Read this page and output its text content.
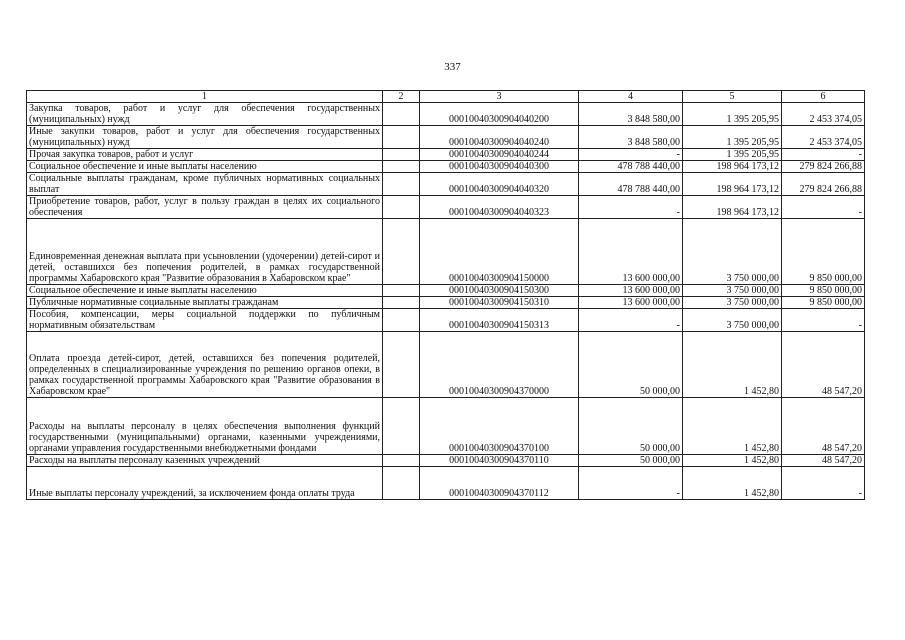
337
1	2	3	4	5	6
Закупка товаров, работ и услуг для обеспечения государственных (муниципальных) нужд		00010040300904040200	3 848 580,00	1 395 205,95	2 453 374,05
Иные закупки товаров, работ и услуг для обеспечения государственных (муниципальных) нужд		00010040300904040240	3 848 580,00	1 395 205,95	2 453 374,05
Прочая закупка товаров, работ и услуг		00010040300904040244	-	1 395 205,95	-
Социальное обеспечение и иные выплаты населению		00010040300904040300	478 788 440,00	198 964 173,12	279 824 266,88
Социальные выплаты гражданам, кроме публичных нормативных социальных выплат		00010040300904040320	478 788 440,00	198 964 173,12	279 824 266,88
Приобретение товаров, работ, услуг в пользу граждан в целях их социального обеспечения		00010040300904040323	-	198 964 173,12	-
Единовременная денежная выплата при усыновлении (удочерении) детей-сирот и детей, оставшихся без попечения родителей, в рамках государственной программы Хабаровского края "Развитие образования в Хабаровском крае"		00010040300904150000	13 600 000,00	3 750 000,00	9 850 000,00
Социальное обеспечение и иные выплаты населению		00010040300904150300	13 600 000,00	3 750 000,00	9 850 000,00
Публичные нормативные социальные выплаты гражданам		00010040300904150310	13 600 000,00	3 750 000,00	9 850 000,00
Пособия, компенсации, меры социальной поддержки по публичным нормативным обязательствам		00010040300904150313	-	3 750 000,00	-
Оплата проезда детей-сирот, детей, оставшихся без попечения родителей, определенных в специализированные учреждения по решению органов опеки, в рамках государственной программы Хабаровского края "Развитие образования в Хабаровском крае"		00010040300904370000	50 000,00	1 452,80	48 547,20
Расходы на выплаты персоналу в целях обеспечения выполнения функций государственными (муниципальными) органами, казенными учреждениями, органами управления государственными внебюджетными фондами		00010040300904370100	50 000,00	1 452,80	48 547,20
Расходы на выплаты персоналу казенных учреждений		00010040300904370110	50 000,00	1 452,80	48 547,20
Иные выплаты персоналу учреждений, за исключением фонда оплаты труда		00010040300904370112	-	1 452,80	-
